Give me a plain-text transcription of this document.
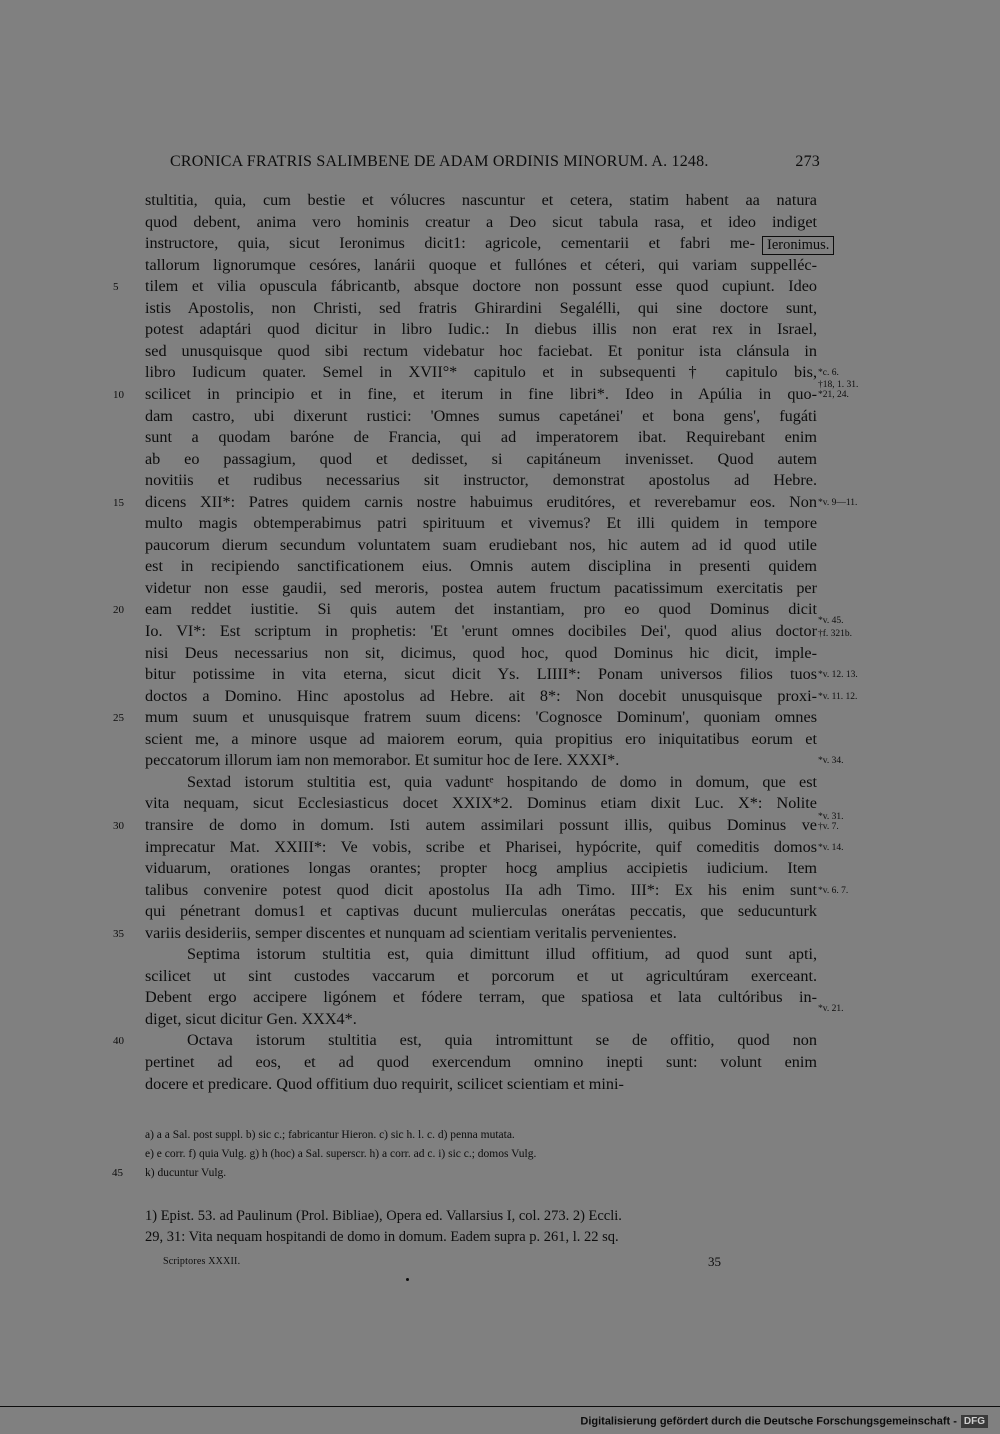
CRONICA FRATRIS SALIMBENE DE ADAM ORDINIS MINORUM. A. 1248.	273
stultitia, quia, cum bestie et vólucres nascuntur et cetera, statim habent aa natura
quod debent, anima vero hominis creatur a Deo sicut tabula rasa, et ideo indiget
instructore, quia, sicut Ieronimus dicit1: agricole, cementarii et fabri me-
tallorum lignorumque cesóres, lanárii quoque et fullónes et céteri, qui variam suppelléc-
tilem et vilia opuscula fábricantb, absque doctore non possunt esse quod cupiunt. Ideo
istis Apostolis, non Christi, sed fratris Ghirardini Segalélli, qui sine doctore sunt,
potest adaptári quod dicitur in libro Iudic.: In diebus illis non erat rex in Israel,
sed unusquisque quod sibi rectum videbatur hoc faciebat. Et ponitur ista clánsula in
libro Iudicum quater. Semel in XVII°* capitulo et in subsequenti† capitulo bis,
scilicet in principio et in fine, et iterum in fine libri*. Ideo in Apúlia in quo-
dam castro, ubi dixerunt rustici: 'Omnes sumus capetánei' et bona gens', fugáti
sunt a quodam baróne de Francia, qui ad imperatorem ibat. Requirebant enim
ab eo passagium, quod et dedisset, si capitáneum invenisset. Quod autem
novitiis et rudibus necessarius sit instructor, demonstrat apostolus ad Hebre.
dicens XII*: Patres quidem carnis nostre habuimus eruditóres, et reverebamur eos. Non
multo magis obtemperabimus patri spirituum et vivemus? Et illi quidem in tempore
paucorum dierum secundum voluntatem suam erudiebant nos, hic autem ad id quod utile
est in recipiendo sanctificationem eius. Omnis autem disciplina in presenti quidem
videtur non esse gaudii, sed meroris, postea autem fructum pacatissimum exercitatis per
eam reddet iustitie. Si quis autem det instantiam, pro eo quod Dominus dicit
Io. VI*: Est scriptum in prophetis: 'Et 'erunt omnes docibiles Dei', quod alius doctor
nisi Deus necessarius non sit, dicimus, quod hoc, quod Dominus hic dicit, imple-
bitur potissime in vita eterna, sicut dicit Ys. LIIII*: Ponam universos filios tuos
doctos a Domino. Hinc apostolus ad Hebre. ait 8*: Non docebit unusquisque proxi-
mum suum et unusquisque fratrem suum dicens: 'Cognosce Dominum', quoniam omnes
scient me, a minore usque ad maiorem eorum, quia propitius ero iniquitatibus eorum et
peccatorum illorum iam non memorabor. Et sumitur hoc de Iere. XXXI*.
Sextad istorum stultitia est, quia vaduntᵉ hospitando de domo in domum, que est
vita nequam, sicut Ecclesiasticus docet XXIX*2. Dominus etiam dixit Luc. X*: Nolite
transire de domo in domum. Isti autem assimilari possunt illis, quibus Dominus ve
imprecatur Mat. XXIII*: Ve vobis, scribe et Pharisei, hypócrite, quif comeditis domos
viduarum, orationes longas orantes; propter hocg amplius accipietis iudicium. Item
talibus convenire potest quod dicit apostolus IIa adh Timo. III*: Ex his enim sunt
qui pénetrant domus1 et captivas ducunt mulierculas onerátas peccatis, que seducunturk
variis desideriis, semper discentes et nunquam ad scientiam veritalis pervenientes.
Septima istorum stultitia est, quia dimittunt illud offitium, ad quod sunt apti,
scilicet ut sint custodes vaccarum et porcorum et ut agricultúram exerceant.
Debent ergo accipere ligónem et fódere terram, que spatiosa et lata cultóribus in-
diget, sicut dicitur Gen. XXX4*.
Octava istorum stultitia est, quia intromittunt se de offitio, quod non
pertinet ad eos, et ad quod exercendum omnino inepti sunt: volunt enim
docere et predicare. Quod offitium duo requirit, scilicet scientiam et mini-
5
10
15
20
25
30
35
40
*c. 6.
†18, 1. 31.
*21, 24.
*v. 9—11.
*v. 45.
†f. 321b.
*v. 12. 13.
*v. 11. 12.
*v. 34.
*v. 31.
†v. 7.
*v. 14.
*v. 6. 7.
*v. 21.
Ieronimus.
a) a a Sal. post suppl. b) sic c.; fabricantur Hieron. c) sic h. l. c. d) penna mutata.
e) e corr. f) quia Vulg. g) h (hoc) a Sal. superscr. h) a corr. ad c. i) sic c.; domos Vulg.
k) ducuntur Vulg.
45
1) Epist. 53. ad Paulinum (Prol. Bibliae), Opera ed. Vallarsius I, col. 273. 2) Eccli.
29, 31: Vita nequam hospitandi de domo in domum. Eadem supra p. 261, l. 22 sq.
Scriptores XXXII.	35
Digitalisierung gefördert durch die Deutsche Forschungsgemeinschaft - DFG
